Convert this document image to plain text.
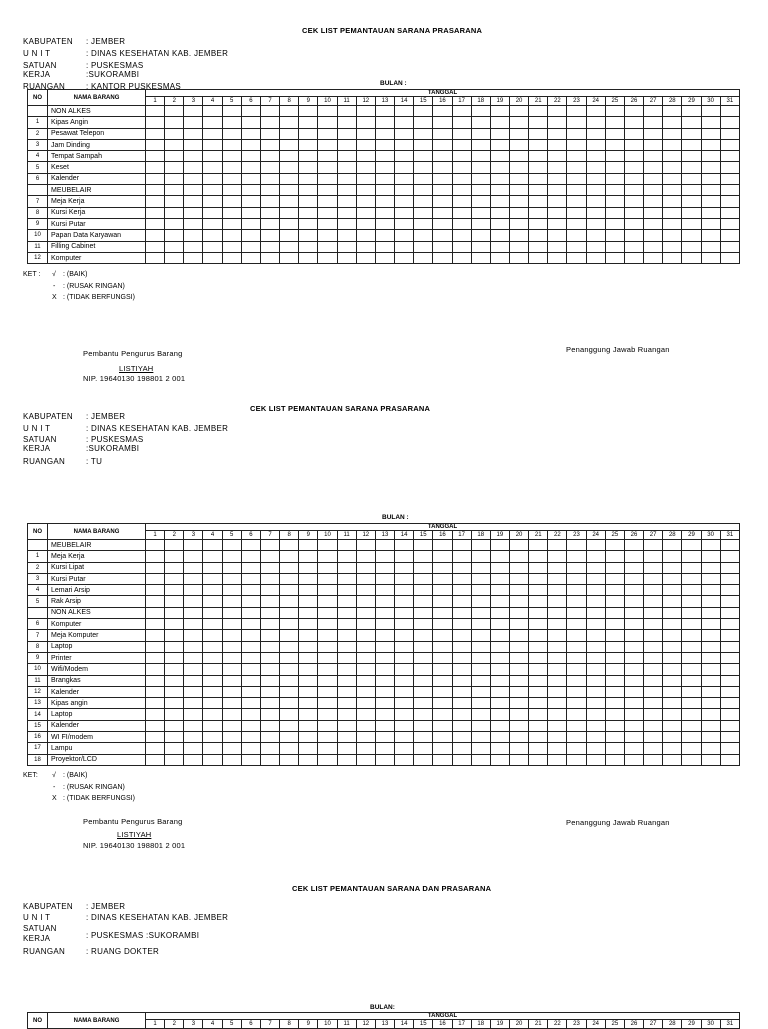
CEK LIST PEMANTAUAN SARANA PRASARANA
KABUPATEN : JEMBER
U N I T	: DINAS KESEHATAN KAB. JEMBER
SATUAN	: PUSKESMAS
KERJA	:SUKORAMBI
RUANGAN	: KANTOR PUSKESMAS	BULAN :
NO	NAMA BARANG	TANGGAL																														
		1	2	3	4	5	6	7	8	9	10	11	12	13	14	15	16	17	18	19	20	21	22	23	24	25	26	27	28	29	30	31
	NON ALKES																															
1	Kipas Angin																															
2	Pesawat Telepon																															
3	Jam Dinding																															
4	Tempat Sampah																															
5	Keset																															
6	Kalender																															
	MEUBELAIR																															
7	Meja Kerja																															
8	Kursi Kerja																															
9	Kursi Putar																															
10	Papan Data Karyawan																															
11	Filling Cabinet																															
12	Komputer																															
KET : √ : (BAIK)
- : (RUSAK RINGAN)
X : (TIDAK BERFUNGSI)
Pembantu Pengurus Barang
LISTIYAH
NIP. 19640130 198801 2 001
Penanggung Jawab Ruangan
CEK LIST PEMANTAUAN SARANA PRASARANA
KABUPATEN : JEMBER
U N I T	: DINAS KESEHATAN KAB. JEMBER
SATUAN	: PUSKESMAS
KERJA	:SUKORAMBI
RUANGAN	: TU
BULAN :
NO	NAMA BARANG	TANGGAL																														
		1	2	3	4	5	6	7	8	9	10	11	12	13	14	15	16	17	18	19	20	21	22	23	24	25	26	27	28	29	30	31
	MEUBELAIR																															
1	Meja Kerja																															
2	Kursi Lipat																															
3	Kursi Putar																															
4	Lemari Arsip																															
5	Rak Arsip																															
	NON ALKES																															
6	Komputer																															
7	Meja Komputer																															
8	Laptop																															
9	Printer																															
10	Wifi/Modem																															
11	Brangkas																															
12	Kalender																															
13	Kipas angin																															
14	Laptop																															
15	Kalender																															
16	WI FI/modem																															
17	Lampu																															
18	Proyektor/LCD																															
KET: √ : (BAIK)
- : (RUSAK RINGAN)
X : (TIDAK BERFUNGSI)
Pembantu Pengurus Barang
LISTIYAH
NIP. 19640130 198801 2 001
Penanggung Jawab Ruangan
CEK LIST PEMANTAUAN SARANA DAN PRASARANA
KABUPATEN : JEMBER
U N I T	: DINAS KESEHATAN KAB. JEMBER
SATUAN
: PUSKESMAS :SUKORAMBI
KERJA
RUANGAN	: RUANG DOKTER
BULAN:
NO	NAMA BARANG	TANGGAL																														
		1	2	3	4	5	6	7	8	9	10	11	12	13	14	15	16	17	18	19	20	21	22	23	24	25	26	27	28	29	30	31
